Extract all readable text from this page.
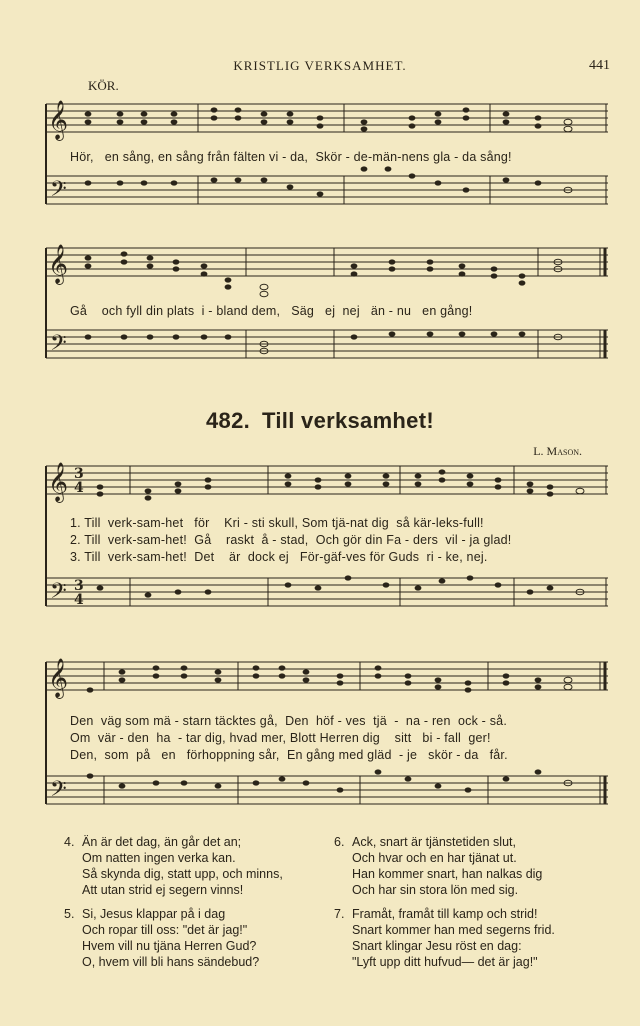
KRISTLIG VERKSAMHET.	441
KÖR.
𝄞
𝄢
Hör,   en sång, en sång från fälten vi - da,  Skör - de-män-nens gla - da sång!
𝄞
𝄢
Gå    och fyll din plats  i - bland dem,   Säg   ej  nej   än - nu   en gång!
482. Till verksamhet!
L. Mason.
𝄞
𝄢
3
4
3
4
1. Till  verk-sam-het   för    Kri - sti skull, Som tjä-nat dig  så kär-leks-full!
2. Till  verk-sam-het!  Gå    raskt  å - stad,  Och gör din Fa - ders  vil - ja glad!
3. Till  verk-sam-het!  Det    är  dock ej   För-gäf-ves för Guds  ri - ke, nej.
𝄞
𝄢
Den  väg som mä - starn täcktes gå,  Den  höf - ves  tjä  -  na - ren  ock - så.
Om  vär - den  ha  - tar dig, hvad mer, Blott Herren dig    sitt   bi - fall  ger!
Den,  som  på   en   förhoppning sår,  En gång med gläd  - je   skör - da   får.
4. Än är det dag, än går det an;
Om natten ingen verka kan.
Så skynda dig, statt upp, och minns,
Att utan strid ej segern vinns!
6. Ack, snart är tjänstetiden slut,
Och hvar och en har tjänat ut.
Han kommer snart, han nalkas dig
Och har sin stora lön med sig.
5. Si, Jesus klappar på i dag
Och ropar till oss: "det är jag!"
Hvem vill nu tjäna Herren Gud?
O, hvem vill bli hans sändebud?
7. Framåt, framåt till kamp och strid!
Snart kommer han med segerns frid.
Snart klingar Jesu röst en dag:
"Lyft upp ditt hufvud— det är jag!"
